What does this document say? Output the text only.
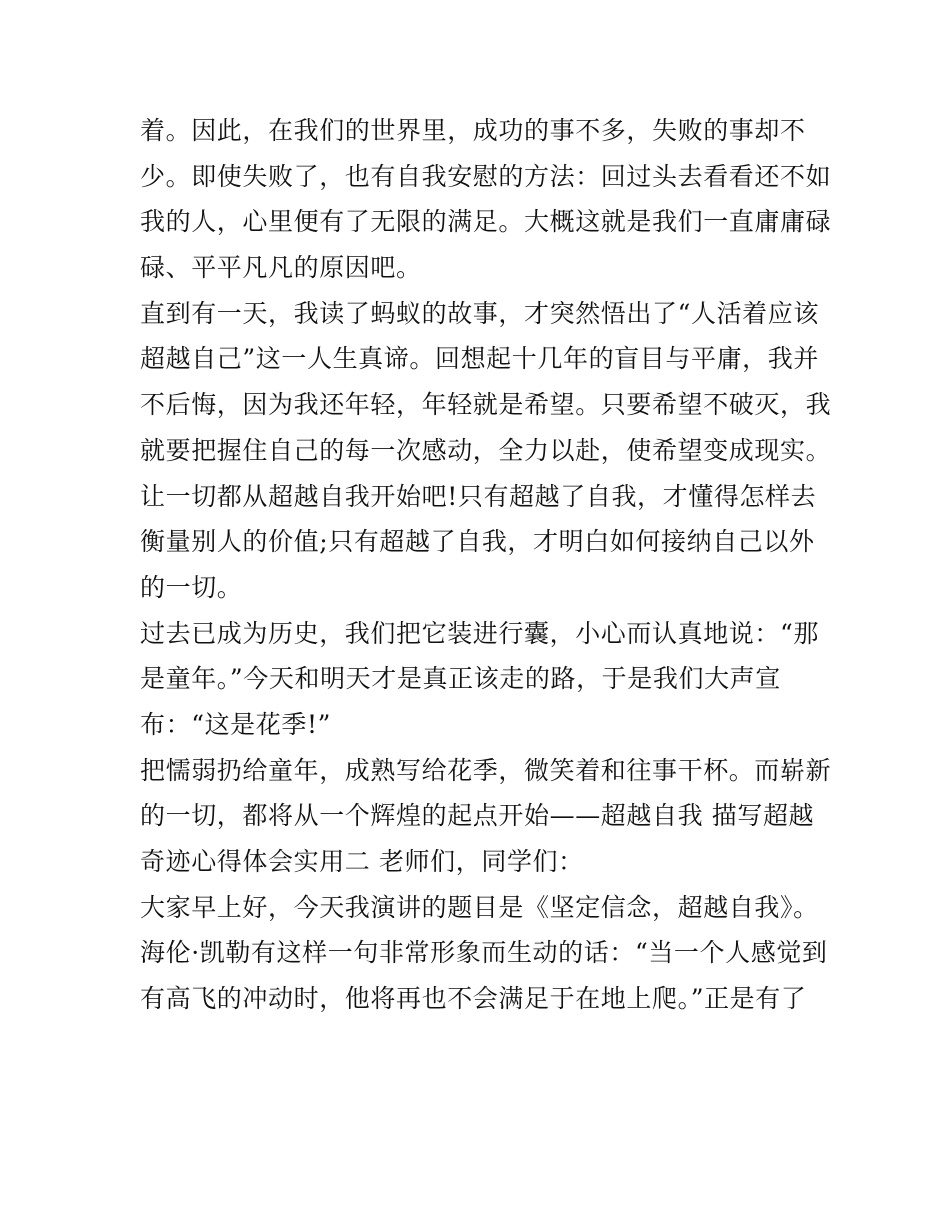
着。因此，在我们的世界里，成功的事不多，失败的事却不
少。即使失败了，也有自我安慰的方法：回过头去看看还不如
我的人，心里便有了无限的满足。大概这就是我们一直庸庸碌
碌、平平凡凡的原因吧。
直到有一天，我读了蚂蚁的故事，才突然悟出了“人活着应该
超越自己”这一人生真谛。回想起十几年的盲目与平庸，我并
不后悔，因为我还年轻，年轻就是希望。只要希望不破灭，我
就要把握住自己的每一次感动，全力以赴，使希望变成现实。
让一切都从超越自我开始吧!只有超越了自我，才懂得怎样去
衡量别人的价值;只有超越了自我，才明白如何接纳自己以外
的一切。
过去已成为历史，我们把它装进行囊，小心而认真地说：“那
是童年。”今天和明天才是真正该走的路，于是我们大声宣
布：“这是花季!”
把懦弱扔给童年，成熟写给花季，微笑着和往事干杯。而崭新
的一切，都将从一个辉煌的起点开始——超越自我 描写超越
奇迹心得体会实用二 老师们，同学们：
大家早上好，今天我演讲的题目是《坚定信念，超越自我》。
海伦·凯勒有这样一句非常形象而生动的话：“当一个人感觉到
有高飞的冲动时，他将再也不会满足于在地上爬。”正是有了
